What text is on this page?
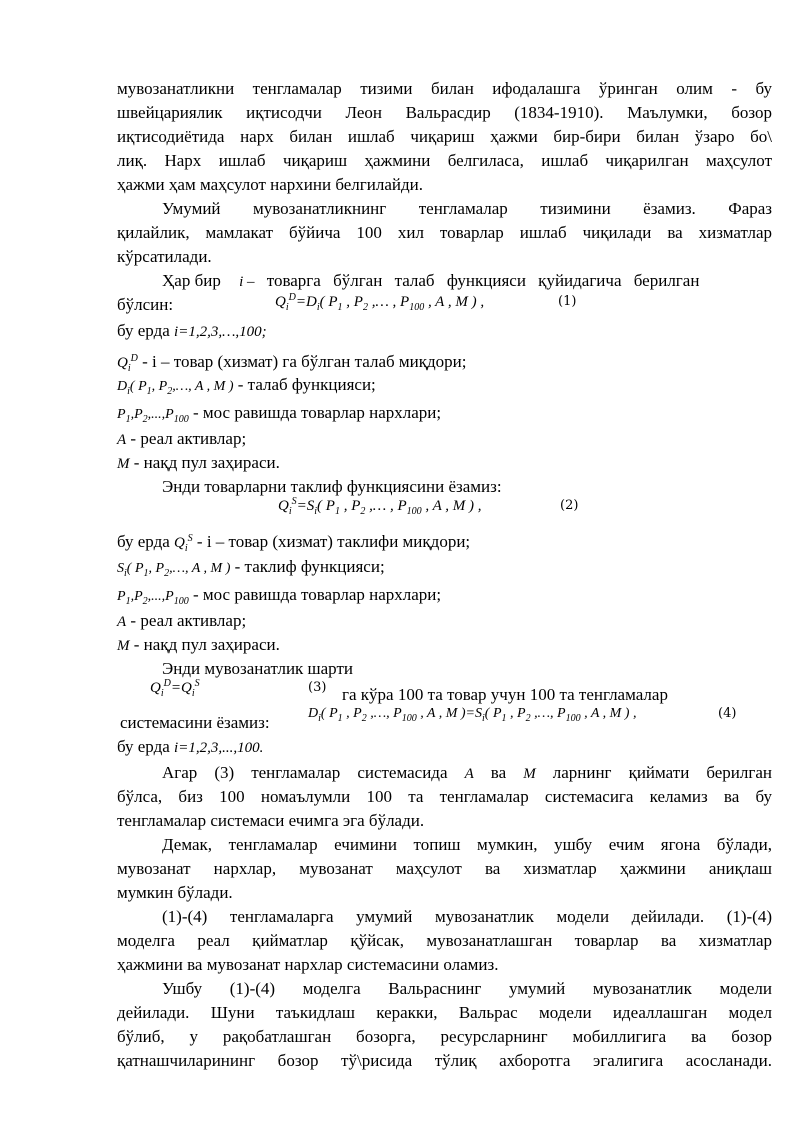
мувозанатликни тенгламалар тизими билан ифодалашга ўринган олим - бу
швейцариялик иқтисодчи Леон Вальрасдир (1834-1910). Маълумки, бозор
иқтисодиётида нарх билан ишлаб чиқариш ҳажми бир-бири билан ўзаро бо\
лиқ. Нарх ишлаб чиқариш ҳажмини белгиласа, ишлаб чиқарилган маҳсулот
ҳажми ҳам маҳсулот нархини белгилайди.
Умумий мувозанатликнинг тенгламалар тизимини ёзамиз. Фараз
қилайлик, мамлакат бўйича 100 хил товарлар ишлаб чиқилади ва хизматлар
кўрсатилади.
Ҳар бир i – товарга бўлган талаб функцияси қуйидагича берилган
бўлсин:	$Q_i^D=D_i$( $P_1$ , $P_2$ ,… , $P_{100}$ , A , M ) ,	(1)
бу ерда i=1,2,3,…,100;
$Q_i^D$ - i – товар (хизмат) га бўлган талаб миқдори;
$D_i$( $P_1$, $P_2,\dots$, A , M ) - талаб функцияси;
$P_1,P_2,...,P_{100}$ - мос равишда товарлар нархлари;
A - реал активлар;
M - нақд пул заҳираси.
Энди товарларни таклиф функциясини ёзамиз:
$Q_i^S=S_i$( $P_1$ , $P_2$ ,… , $P_{100}$ , A , M ) ,	(2)
бу ерда $Q_i^S$ - i – товар (хизмат) таклифи миқдори;
$S_i$( $P_1$, $P_2,\dots$, A , M ) - таклиф функцияси;
$P_1,P_2,...,P_{100}$ - мос равишда товарлар нархлари;
A - реал активлар;
M - нақд пул заҳираси.
Энди мувозанатлик шарти
$Q_i^D=Q_i^S$	(3) га кўра 100 та товар учун 100 та тенгламалар
системасини ёзамиз:	$D_i$( $P_1$ , $P_2$ ,…, $P_{100}$ , A , M )$=S_i$( $P_1$ , $P_2$ ,…, $P_{100}$ , A , M ) ,	(4)
бу ерда i=1,2,3,...,100.
Агар (3) тенгламалар системасида A ва M ларнинг қиймати берилган
бўлса, биз 100 номаълумли 100 та тенгламалар системасига келамиз ва бу
тенгламалар системаси ечимга эга бўлади.
Демак, тенгламалар ечимини топиш мумкин, ушбу ечим ягона бўлади,
мувозанат нархлар, мувозанат маҳсулот ва хизматлар ҳажмини аниқлаш
мумкин бўлади.
(1)-(4) тенгламаларга умумий мувозанатлик модели дейилади. (1)-(4)
моделга реал қийматлар қўйсак, мувозанатлашган товарлар ва хизматлар
ҳажмини ва мувозанат нархлар системасини оламиз.
Ушбу (1)-(4) моделга Вальраснинг умумий мувозанатлик модели
дейилади. Шуни таъкидлаш керакки, Вальрас модели идеаллашган модел
бўлиб, у рақобатлашган бозорга, ресурсларнинг мобиллигига ва бозор
қатнашчиларининг бозор тў\рисида тўлиқ ахборотга эгалигига асосланади.
